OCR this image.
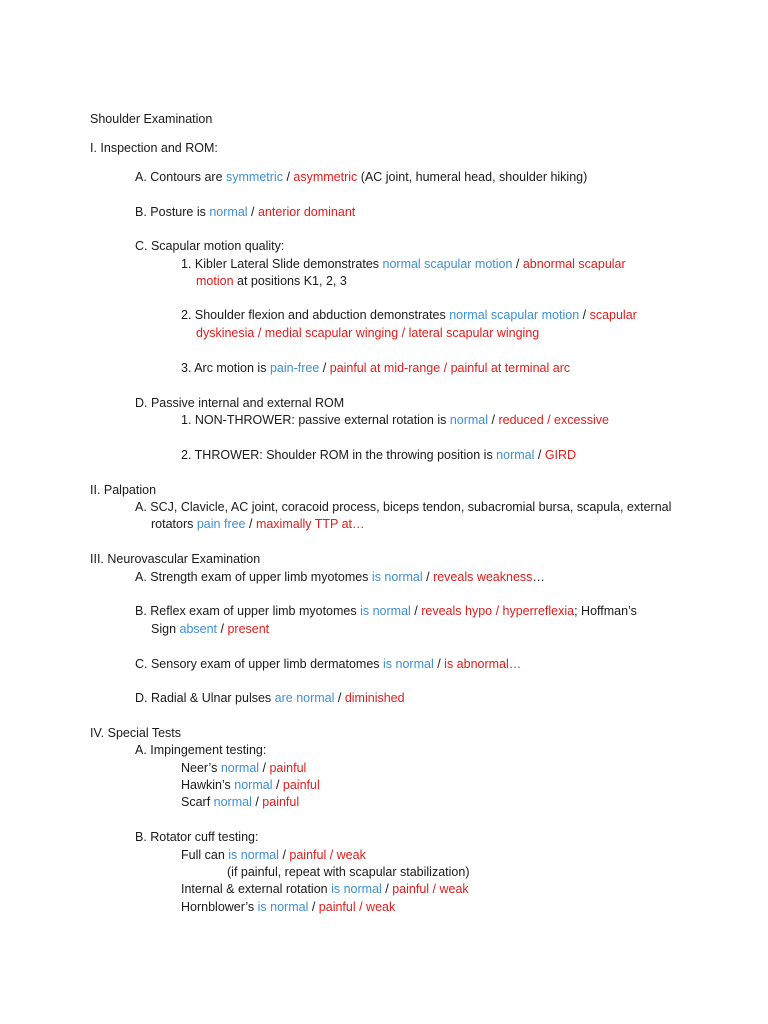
Shoulder Examination
I. Inspection and ROM:
A. Contours are symmetric / asymmetric (AC joint, humeral head, shoulder hiking)
B. Posture is normal / anterior dominant
C. Scapular motion quality:
1. Kibler Lateral Slide demonstrates normal scapular motion / abnormal scapular
motion at positions K1, 2, 3
2. Shoulder flexion and abduction demonstrates normal scapular motion / scapular
dyskinesia / medial scapular winging / lateral scapular winging
3. Arc motion is pain-free / painful at mid-range / painful at terminal arc
D. Passive internal and external ROM
1. NON-THROWER: passive external rotation is normal / reduced / excessive
2. THROWER: Shoulder ROM in the throwing position is normal / GIRD
II. Palpation
A. SCJ, Clavicle, AC joint, coracoid process, biceps tendon, subacromial bursa, scapula, external
rotators pain free / maximally TTP at…
III. Neurovascular Examination
A. Strength exam of upper limb myotomes is normal / reveals weakness…
B. Reflex exam of upper limb myotomes is normal / reveals hypo / hyperreflexia; Hoffman’s
Sign absent / present
C. Sensory exam of upper limb dermatomes is normal / is abnormal…
D. Radial & Ulnar pulses are normal / diminished
IV. Special Tests
A. Impingement testing:
Neer’s normal / painful
Hawkin’s normal / painful
Scarf normal / painful
B. Rotator cuff testing:
Full can is normal / painful / weak
(if painful, repeat with scapular stabilization)
Internal & external rotation is normal / painful / weak
Hornblower’s is normal / painful / weak
